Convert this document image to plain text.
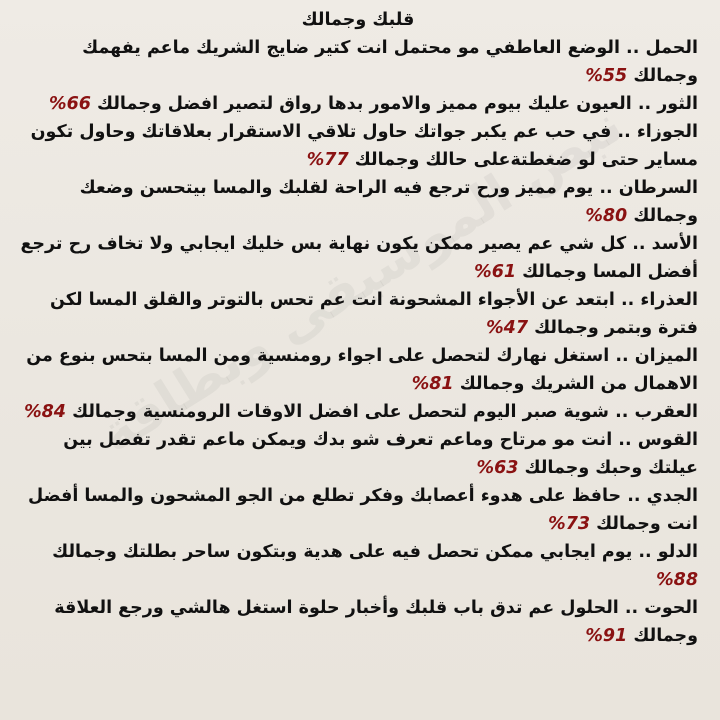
قلبك وجمالك

الحمل .. الوضع العاطفي مو محتمل انت كتير ضايج الشريك ماعم يفهمك وجمالك 55%

الثور .. العيون عليك بيوم مميز والامور بدها رواق لتصير افضل وجمالك 66%

الجوزاء .. في حب عم يكبر جواتك حاول تلاقي الاستقرار بعلاقاتك وحاول تكون مساير حتى لو ضغطتةعلى حالك وجمالك 77%

السرطان .. يوم مميز ورح ترجع فيه الراحة لقلبك والمسا بيتحسن وضعك وجمالك 80%

الأسد .. كل شي عم يصير ممكن يكون نهاية بس خليك ايجابي ولا تخاف رح ترجع أفضل المسا وجمالك 61%

العذراء .. ابتعد عن الأجواء المشحونة انت عم تحس بالتوتر والقلق المسا لكن فترة وبتمر وجمالك 47%

الميزان .. استغل نهارك لتحصل على اجواء رومنسية ومن المسا بتحس بنوع من الاهمال من الشريك وجمالك 81%

العقرب .. شوية صبر اليوم لتحصل على افضل الاوقات الرومنسية وجمالك 84%

القوس .. انت مو مرتاح وماعم تعرف شو بدك ويمكن ماعم تقدر تفصل بين عيلتك وحبك وجمالك 63%

الجدي .. حافظ على هدوء أعصابك وفكر تطلع من الجو المشحون والمسا أفضل انت وجمالك 73%

الدلو .. يوم ايجابي ممكن تحصل فيه على هدية وبتكون ساحر بطلتك وجمالك 88%

الحوت .. الحلول عم تدق باب قلبك وأخبار حلوة استغل هالشي ورجع العلاقة وجمالك 91%
